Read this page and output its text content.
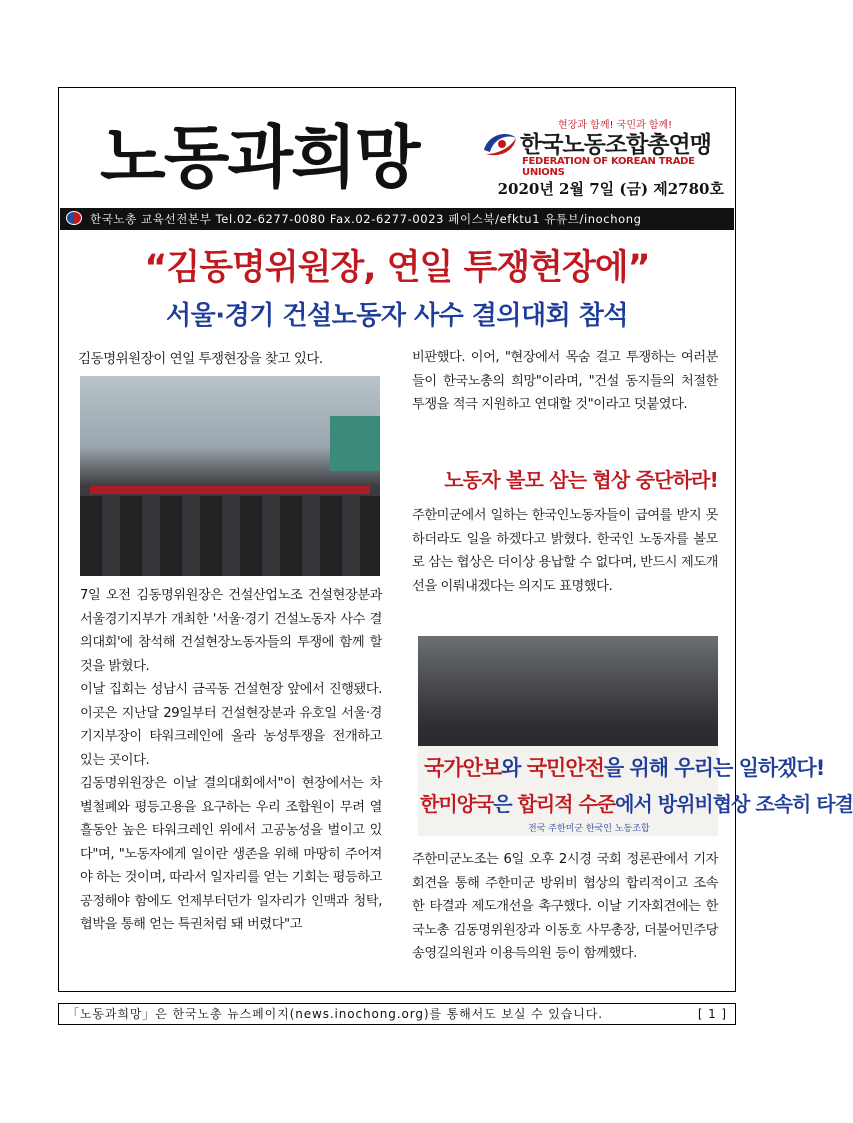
노동과희망	현장과 함께! 국민과 함께!
한국노동조합총연맹
FEDERATION OF KOREAN TRADE UNIONS
2020년 2월 7일 (금) 제2780호
한국노총 교육선전본부 Tel.02-6277-0080 Fax.02-6277-0023 페이스북/efktu1 유튜브/inochong
“김동명위원장, 연일 투쟁현장에”
서울·경기 건설노동자 사수 결의대회 참석
김동명위원장이 연일 투쟁현장을 찾고 있다.

7일 오전 김동명위원장은 건설산업노조 건설현장분과 서울경기지부가 개최한 '서울·경기 건설노동자 사수 결의대회'에 참석해 건설현장노동자들의 투쟁에 함께 할 것을 밝혔다.

이날 집회는 성남시 금곡동 건설현장 앞에서 진행됐다. 이곳은 지난달 29일부터 건설현장분과 유호일 서울·경기지부장이 타워크레인에 올라 농성투쟁을 전개하고 있는 곳이다.

김동명위원장은 이날 결의대회에서"이 현장에서는 차별철폐와 평등고용을 요구하는 우리 조합원이 무려 열흘동안 높은 타워크레인 위에서 고공농성을 벌이고 있다"며, "노동자에게 일이란 생존을 위해 마땅히 주어져야 하는 것이며, 따라서 일자리를 얻는 기회는 평등하고 공정해야 함에도 언제부터던가 일자리가 인맥과 청탁, 협박을 통해 얻는 특권처럼 돼 버렸다"고

비판했다. 이어, "현장에서 목숨 걸고 투쟁하는 여러분들이 한국노총의 희망"이라며, "건설 동지들의 처절한 투쟁을 적극 지원하고 연대할 것"이라고 덧붙였다.

노동자 볼모 삼는 협상 중단하라!

주한미군에서 일하는 한국인노동자들이 급여를 받지 못하더라도 일을 하겠다고 밝혔다. 한국인 노동자를 볼모로 삼는 협상은 더이상 용납할 수 없다며, 반드시 제도개선을 이뤄내겠다는 의지도 표명했다.

국가안보와 국민안전을 위해 우리는 일하겠다!
한미양국은 합리적 수준에서 방위비협상 조속히 타결
전국 주한미군 한국인 노동조합

주한미군노조는 6일 오후 2시경 국회 정론관에서 기자회견을 통해 주한미군 방위비 협상의 합리적이고 조속한 타결과 제도개선을 촉구했다. 이날 기자회견에는 한국노총 김동명위원장과 이동호 사무총장, 더불어민주당 송영길의원과 이용득의원 등이 함께했다.

「노동과희망」은 한국노총 뉴스페이지(news.inochong.org)를 통해서도 보실 수 있습니다.	[ 1 ]
